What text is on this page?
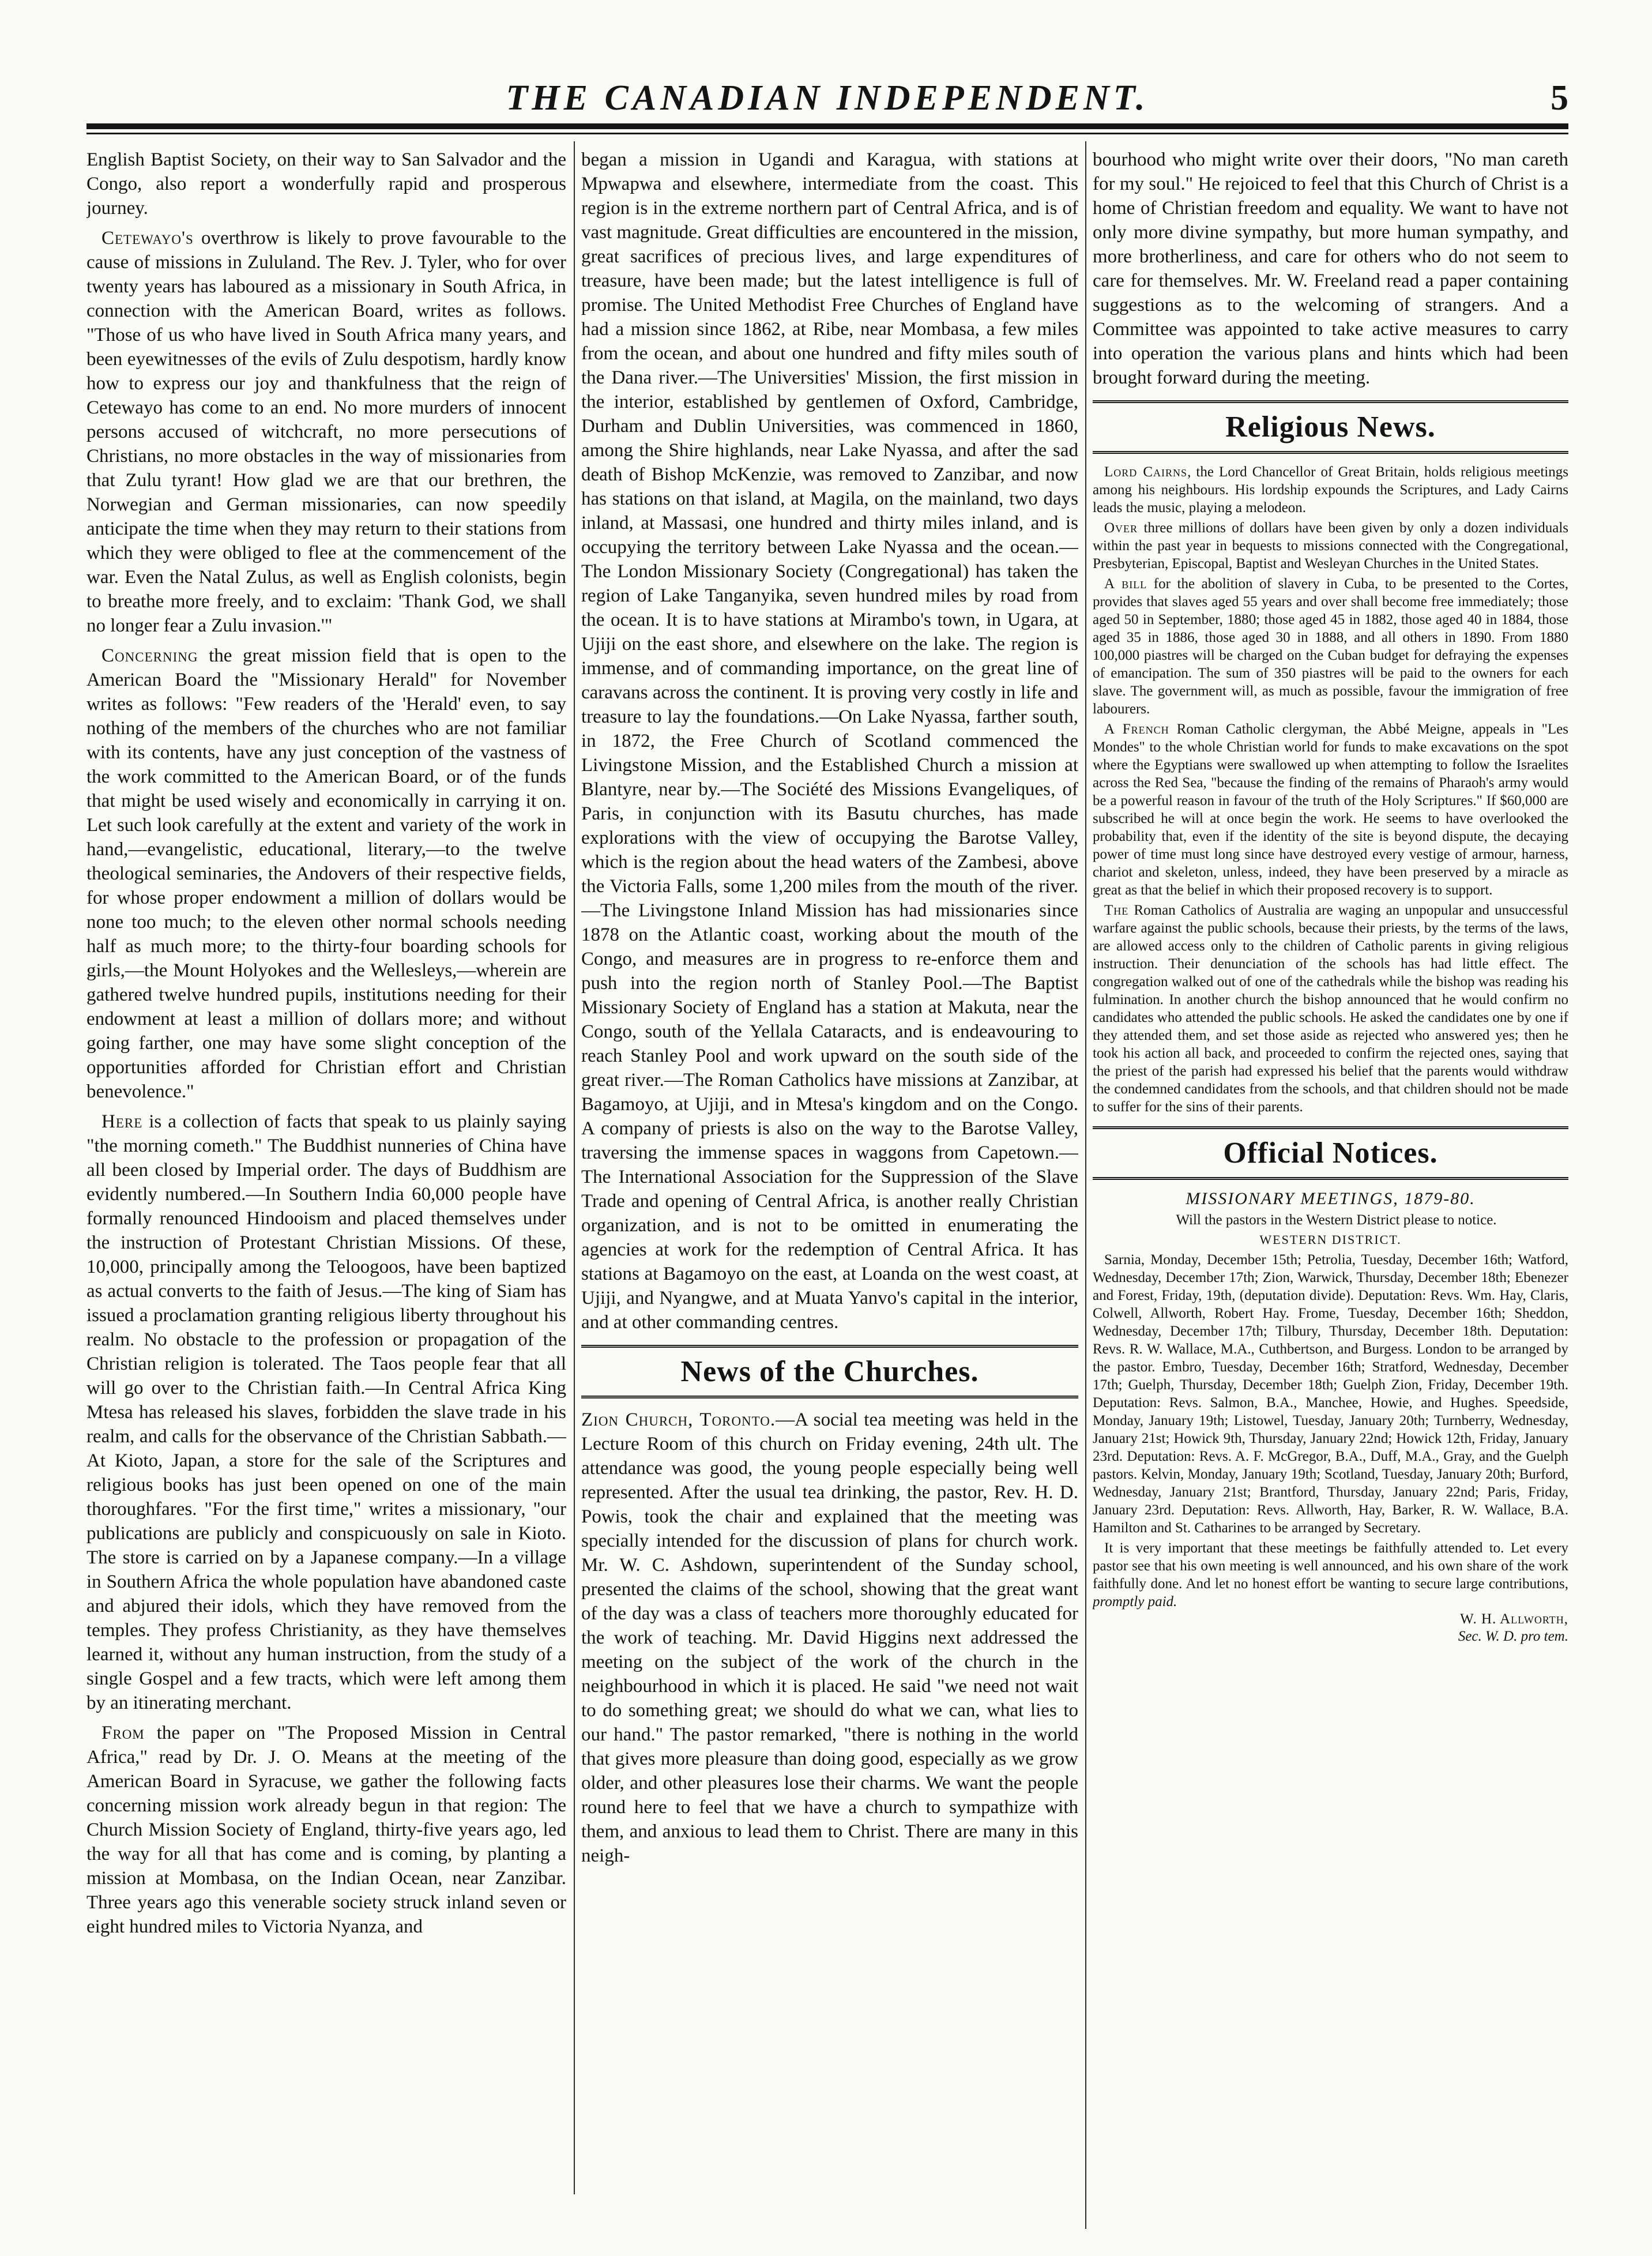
THE CANADIAN INDEPENDENT.	5

English Baptist Society, on their way to San Salvador and the Congo, also report a wonderfully rapid and prosperous journey.

Cetewayo's overthrow is likely to prove favourable to the cause of missions in Zululand. The Rev. J. Tyler, who for over twenty years has laboured as a missionary in South Africa, in connection with the American Board, writes as follows. "Those of us who have lived in South Africa many years, and been eyewitnesses of the evils of Zulu despotism, hardly know how to express our joy and thankfulness that the reign of Cetewayo has come to an end. No more murders of innocent persons accused of witchcraft, no more persecutions of Christians, no more obstacles in the way of missionaries from that Zulu tyrant! How glad we are that our brethren, the Norwegian and German missionaries, can now speedily anticipate the time when they may return to their stations from which they were obliged to flee at the commencement of the war. Even the Natal Zulus, as well as English colonists, begin to breathe more freely, and to exclaim: 'Thank God, we shall no longer fear a Zulu invasion.'"

Concerning the great mission field that is open to the American Board the "Missionary Herald" for November writes as follows: "Few readers of the 'Herald' even, to say nothing of the members of the churches who are not familiar with its contents, have any just conception of the vastness of the work committed to the American Board, or of the funds that might be used wisely and economically in carrying it on. Let such look carefully at the extent and variety of the work in hand,—evangelistic, educational, literary,—to the twelve theological seminaries, the Andovers of their respective fields, for whose proper endowment a million of dollars would be none too much; to the eleven other normal schools needing half as much more; to the thirty-four boarding schools for girls,—the Mount Holyokes and the Wellesleys,—wherein are gathered twelve hundred pupils, institutions needing for their endowment at least a million of dollars more; and without going farther, one may have some slight conception of the opportunities afforded for Christian effort and Christian benevolence."

Here is a collection of facts that speak to us plainly saying "the morning cometh." The Buddhist nunneries of China have all been closed by Imperial order. The days of Buddhism are evidently numbered.—In Southern India 60,000 people have formally renounced Hindooism and placed themselves under the instruction of Protestant Christian Missions. Of these, 10,000, principally among the Teloogoos, have been baptized as actual converts to the faith of Jesus.—The king of Siam has issued a proclamation granting religious liberty throughout his realm. No obstacle to the profession or propagation of the Christian religion is tolerated. The Taos people fear that all will go over to the Christian faith.—In Central Africa King Mtesa has released his slaves, forbidden the slave trade in his realm, and calls for the observance of the Christian Sabbath.—At Kioto, Japan, a store for the sale of the Scriptures and religious books has just been opened on one of the main thoroughfares. "For the first time," writes a missionary, "our publications are publicly and conspicuously on sale in Kioto. The store is carried on by a Japanese company.—In a village in Southern Africa the whole population have abandoned caste and abjured their idols, which they have removed from the temples. They profess Christianity, as they have themselves learned it, without any human instruction, from the study of a single Gospel and a few tracts, which were left among them by an itinerating merchant.

From the paper on "The Proposed Mission in Central Africa," read by Dr. J. O. Means at the meeting of the American Board in Syracuse, we gather the following facts concerning mission work already begun in that region: The Church Mission Society of England, thirty-five years ago, led the way for all that has come and is coming, by planting a mission at Mombasa, on the Indian Ocean, near Zanzibar. Three years ago this venerable society struck inland seven or eight hundred miles to Victoria Nyanza, and

began a mission in Ugandi and Karagua, with stations at Mpwapwa and elsewhere, intermediate from the coast. This region is in the extreme northern part of Central Africa, and is of vast magnitude. Great difficulties are encountered in the mission, great sacrifices of precious lives, and large expenditures of treasure, have been made; but the latest intelligence is full of promise. The United Methodist Free Churches of England have had a mission since 1862, at Ribe, near Mombasa, a few miles from the ocean, and about one hundred and fifty miles south of the Dana river.—The Universities' Mission, the first mission in the interior, established by gentlemen of Oxford, Cambridge, Durham and Dublin Universities, was commenced in 1860, among the Shire highlands, near Lake Nyassa, and after the sad death of Bishop McKenzie, was removed to Zanzibar, and now has stations on that island, at Magila, on the mainland, two days inland, at Massasi, one hundred and thirty miles inland, and is occupying the territory between Lake Nyassa and the ocean.—The London Missionary Society (Congregational) has taken the region of Lake Tanganyika, seven hundred miles by road from the ocean. It is to have stations at Mirambo's town, in Ugara, at Ujiji on the east shore, and elsewhere on the lake. The region is immense, and of commanding importance, on the great line of caravans across the continent. It is proving very costly in life and treasure to lay the foundations.—On Lake Nyassa, farther south, in 1872, the Free Church of Scotland commenced the Livingstone Mission, and the Established Church a mission at Blantyre, near by.—The Société des Missions Evangeliques, of Paris, in conjunction with its Basutu churches, has made explorations with the view of occupying the Barotse Valley, which is the region about the head waters of the Zambesi, above the Victoria Falls, some 1,200 miles from the mouth of the river.—The Livingstone Inland Mission has had missionaries since 1878 on the Atlantic coast, working about the mouth of the Congo, and measures are in progress to re-enforce them and push into the region north of Stanley Pool.—The Baptist Missionary Society of England has a station at Makuta, near the Congo, south of the Yellala Cataracts, and is endeavouring to reach Stanley Pool and work upward on the south side of the great river.—The Roman Catholics have missions at Zanzibar, at Bagamoyo, at Ujiji, and in Mtesa's kingdom and on the Congo. A company of priests is also on the way to the Barotse Valley, traversing the immense spaces in waggons from Capetown.—The International Association for the Suppression of the Slave Trade and opening of Central Africa, is another really Christian organization, and is not to be omitted in enumerating the agencies at work for the redemption of Central Africa. It has stations at Bagamoyo on the east, at Loanda on the west coast, at Ujiji, and Nyangwe, and at Muata Yanvo's capital in the interior, and at other commanding centres.

News of the Churches.

Zion Church, Toronto.—A social tea meeting was held in the Lecture Room of this church on Friday evening, 24th ult. The attendance was good, the young people especially being well represented. After the usual tea drinking, the pastor, Rev. H. D. Powis, took the chair and explained that the meeting was specially intended for the discussion of plans for church work. Mr. W. C. Ashdown, superintendent of the Sunday school, presented the claims of the school, showing that the great want of the day was a class of teachers more thoroughly educated for the work of teaching. Mr. David Higgins next addressed the meeting on the subject of the work of the church in the neighbourhood in which it is placed. He said "we need not wait to do something great; we should do what we can, what lies to our hand." The pastor remarked, "there is nothing in the world that gives more pleasure than doing good, especially as we grow older, and other pleasures lose their charms. We want the people round here to feel that we have a church to sympathize with them, and anxious to lead them to Christ. There are many in this neigh-

bourhood who might write over their doors, "No man careth for my soul." He rejoiced to feel that this Church of Christ is a home of Christian freedom and equality. We want to have not only more divine sympathy, but more human sympathy, and more brotherliness, and care for others who do not seem to care for themselves. Mr. W. Freeland read a paper containing suggestions as to the welcoming of strangers. And a Committee was appointed to take active measures to carry into operation the various plans and hints which had been brought forward during the meeting.

Religious News.

Lord Cairns, the Lord Chancellor of Great Britain, holds religious meetings among his neighbours. His lordship expounds the Scriptures, and Lady Cairns leads the music, playing a melodeon.

Over three millions of dollars have been given by only a dozen individuals within the past year in bequests to missions connected with the Congregational, Presbyterian, Episcopal, Baptist and Wesleyan Churches in the United States.

A bill for the abolition of slavery in Cuba, to be presented to the Cortes, provides that slaves aged 55 years and over shall become free immediately; those aged 50 in September, 1880; those aged 45 in 1882, those aged 40 in 1884, those aged 35 in 1886, those aged 30 in 1888, and all others in 1890. From 1880 100,000 piastres will be charged on the Cuban budget for defraying the expenses of emancipation. The sum of 350 piastres will be paid to the owners for each slave. The government will, as much as possible, favour the immigration of free labourers.

A French Roman Catholic clergyman, the Abbé Meigne, appeals in "Les Mondes" to the whole Christian world for funds to make excavations on the spot where the Egyptians were swallowed up when attempting to follow the Israelites across the Red Sea, "because the finding of the remains of Pharaoh's army would be a powerful reason in favour of the truth of the Holy Scriptures." If $60,000 are subscribed he will at once begin the work. He seems to have overlooked the probability that, even if the identity of the site is beyond dispute, the decaying power of time must long since have destroyed every vestige of armour, harness, chariot and skeleton, unless, indeed, they have been preserved by a miracle as great as that the belief in which their proposed recovery is to support.

The Roman Catholics of Australia are waging an unpopular and unsuccessful warfare against the public schools, because their priests, by the terms of the laws, are allowed access only to the children of Catholic parents in giving religious instruction. Their denunciation of the schools has had little effect. The congregation walked out of one of the cathedrals while the bishop was reading his fulmination. In another church the bishop announced that he would confirm no candidates who attended the public schools. He asked the candidates one by one if they attended them, and set those aside as rejected who answered yes; then he took his action all back, and proceeded to confirm the rejected ones, saying that the priest of the parish had expressed his belief that the parents would withdraw the condemned candidates from the schools, and that children should not be made to suffer for the sins of their parents.

Official Notices.
MISSIONARY MEETINGS, 1879-80.

Will the pastors in the Western District please to notice.

WESTERN DISTRICT.

Sarnia, Monday, December 15th; Petrolia, Tuesday, December 16th; Watford, Wednesday, December 17th; Zion, Warwick, Thursday, December 18th; Ebenezer and Forest, Friday, 19th, (deputation divide). Deputation: Revs. Wm. Hay, Claris, Colwell, Allworth, Robert Hay. Frome, Tuesday, December 16th; Sheddon, Wednesday, December 17th; Tilbury, Thursday, December 18th. Deputation: Revs. R. W. Wallace, M.A., Cuthbertson, and Burgess. London to be arranged by the pastor. Embro, Tuesday, December 16th; Stratford, Wednesday, December 17th; Guelph, Thursday, December 18th; Guelph Zion, Friday, December 19th. Deputation: Revs. Salmon, B.A., Manchee, Howie, and Hughes. Speedside, Monday, January 19th; Listowel, Tuesday, January 20th; Turnberry, Wednesday, January 21st; Howick 9th, Thursday, January 22nd; Howick 12th, Friday, January 23rd. Deputation: Revs. A. F. McGregor, B.A., Duff, M.A., Gray, and the Guelph pastors. Kelvin, Monday, January 19th; Scotland, Tuesday, January 20th; Burford, Wednesday, January 21st; Brantford, Thursday, January 22nd; Paris, Friday, January 23rd. Deputation: Revs. Allworth, Hay, Barker, R. W. Wallace, B.A. Hamilton and St. Catharines to be arranged by Secretary.

It is very important that these meetings be faithfully attended to. Let every pastor see that his own meeting is well announced, and his own share of the work faithfully done. And let no honest effort be wanting to secure large contributions, promptly paid.

W. H. Allworth,
Sec. W. D. pro tem.
